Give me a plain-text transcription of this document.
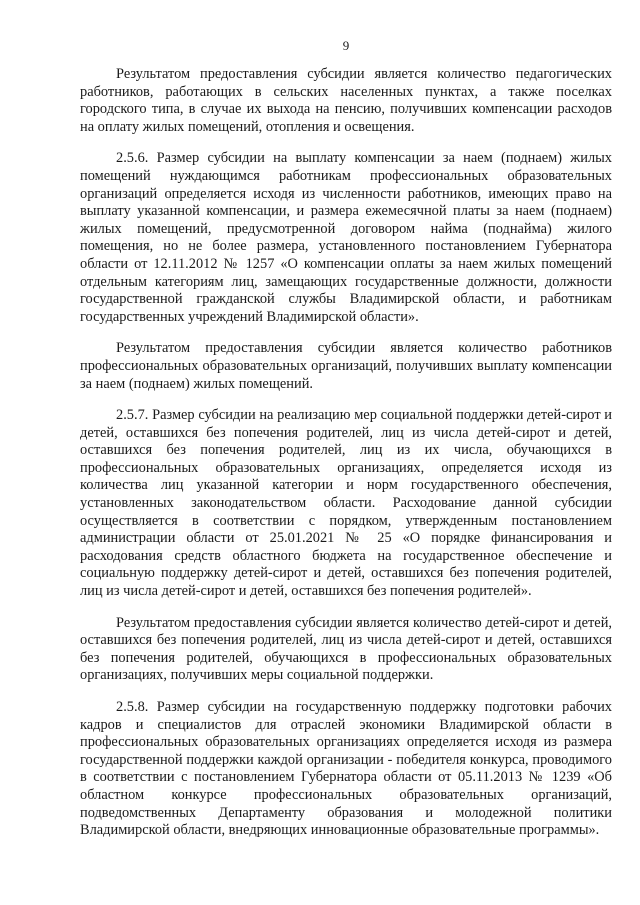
9

Результатом предоставления субсидии является количество педагогических работников, работающих в сельских населенных пунктах, а также поселках городского типа, в случае их выхода на пенсию, получивших компенсации расходов на оплату жилых помещений, отопления и освещения.

2.5.6. Размер субсидии на выплату компенсации за наем (поднаем) жилых помещений нуждающимся работникам профессиональных образовательных организаций определяется исходя из численности работников, имеющих право на выплату указанной компенсации, и размера ежемесячной платы за наем (поднаем) жилых помещений, предусмотренной договором найма (поднайма) жилого помещения, но не более размера, установленного постановлением Губернатора области от 12.11.2012 № 1257 «О компенсации оплаты за наем жилых помещений отдельным категориям лиц, замещающих государственные должности, должности государственной гражданской службы Владимирской области, и работникам государственных учреждений Владимирской области».

Результатом предоставления субсидии является количество работников профессиональных образовательных организаций, получивших выплату компенсации за наем (поднаем) жилых помещений.

2.5.7. Размер субсидии на реализацию мер социальной поддержки детей-сирот и детей, оставшихся без попечения родителей, лиц из числа детей-сирот и детей, оставшихся без попечения родителей, лиц из их числа, обучающихся в профессиональных образовательных организациях, определяется исходя из количества лиц указанной категории и норм государственного обеспечения, установленных законодательством области. Расходование данной субсидии осуществляется в соответствии с порядком, утвержденным постановлением администрации области от 25.01.2021 № 25 «О порядке финансирования и расходования средств областного бюджета на государственное обеспечение и социальную поддержку детей-сирот и детей, оставшихся без попечения родителей, лиц из числа детей-сирот и детей, оставшихся без попечения родителей».

Результатом предоставления субсидии является количество детей-сирот и детей, оставшихся без попечения родителей, лиц из числа детей-сирот и детей, оставшихся без попечения родителей, обучающихся в профессиональных образовательных организациях, получивших меры социальной поддержки.

2.5.8. Размер субсидии на государственную поддержку подготовки рабочих кадров и специалистов для отраслей экономики Владимирской области в профессиональных образовательных организациях определяется исходя из размера государственной поддержки каждой организации - победителя конкурса, проводимого в соответствии с постановлением Губернатора области от 05.11.2013 № 1239 «Об областном конкурсе профессиональных образовательных организаций, подведомственных Департаменту образования и молодежной политики Владимирской области, внедряющих инновационные образовательные программы».
